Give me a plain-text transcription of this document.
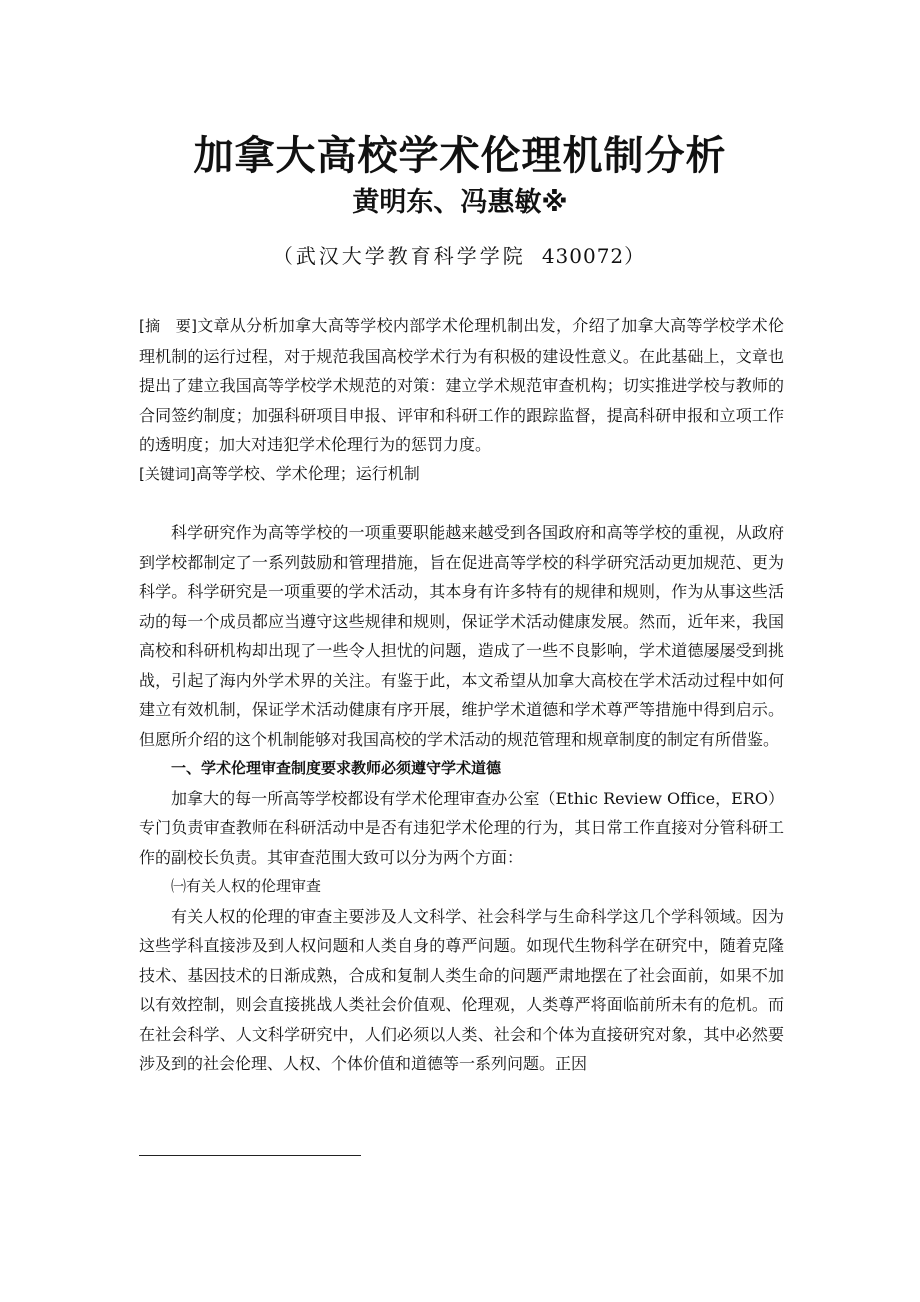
加拿大高校学术伦理机制分析
黄明东、冯惠敏※
（武汉大学教育科学学院 430072）
[摘　要]文章从分析加拿大高等学校内部学术伦理机制出发，介绍了加拿大高等学校学术伦理机制的运行过程，对于规范我国高校学术行为有积极的建设性意义。在此基础上，文章也提出了建立我国高等学校学术规范的对策：建立学术规范审查机构；切实推进学校与教师的合同签约制度；加强科研项目申报、评审和科研工作的跟踪监督，提高科研申报和立项工作的透明度；加大对违犯学术伦理行为的惩罚力度。
[关键词]高等学校、学术伦理；运行机制

科学研究作为高等学校的一项重要职能越来越受到各国政府和高等学校的重视，从政府到学校都制定了一系列鼓励和管理措施，旨在促进高等学校的科学研究活动更加规范、更为科学。科学研究是一项重要的学术活动，其本身有许多特有的规律和规则，作为从事这些活动的每一个成员都应当遵守这些规律和规则，保证学术活动健康发展。然而，近年来，我国高校和科研机构却出现了一些令人担忧的问题，造成了一些不良影响，学术道德屡屡受到挑战，引起了海内外学术界的关注。有鉴于此，本文希望从加拿大高校在学术活动过程中如何建立有效机制，保证学术活动健康有序开展，维护学术道德和学术尊严等措施中得到启示。但愿所介绍的这个机制能够对我国高校的学术活动的规范管理和规章制度的制定有所借鉴。

一、学术伦理审查制度要求教师必须遵守学术道德

加拿大的每一所高等学校都设有学术伦理审查办公室（Ethic Review Office，ERO）专门负责审查教师在科研活动中是否有违犯学术伦理的行为，其日常工作直接对分管科研工作的副校长负责。其审查范围大致可以分为两个方面：

㈠有关人权的伦理审查

有关人权的伦理的审查主要涉及人文科学、社会科学与生命科学这几个学科领域。因为这些学科直接涉及到人权问题和人类自身的尊严问题。如现代生物科学在研究中，随着克隆技术、基因技术的日渐成熟，合成和复制人类生命的问题严肃地摆在了社会面前，如果不加以有效控制，则会直接挑战人类社会价值观、伦理观，人类尊严将面临前所未有的危机。而在社会科学、人文科学研究中，人们必须以人类、社会和个体为直接研究对象，其中必然要涉及到的社会伦理、人权、个体价值和道德等一系列问题。正因
